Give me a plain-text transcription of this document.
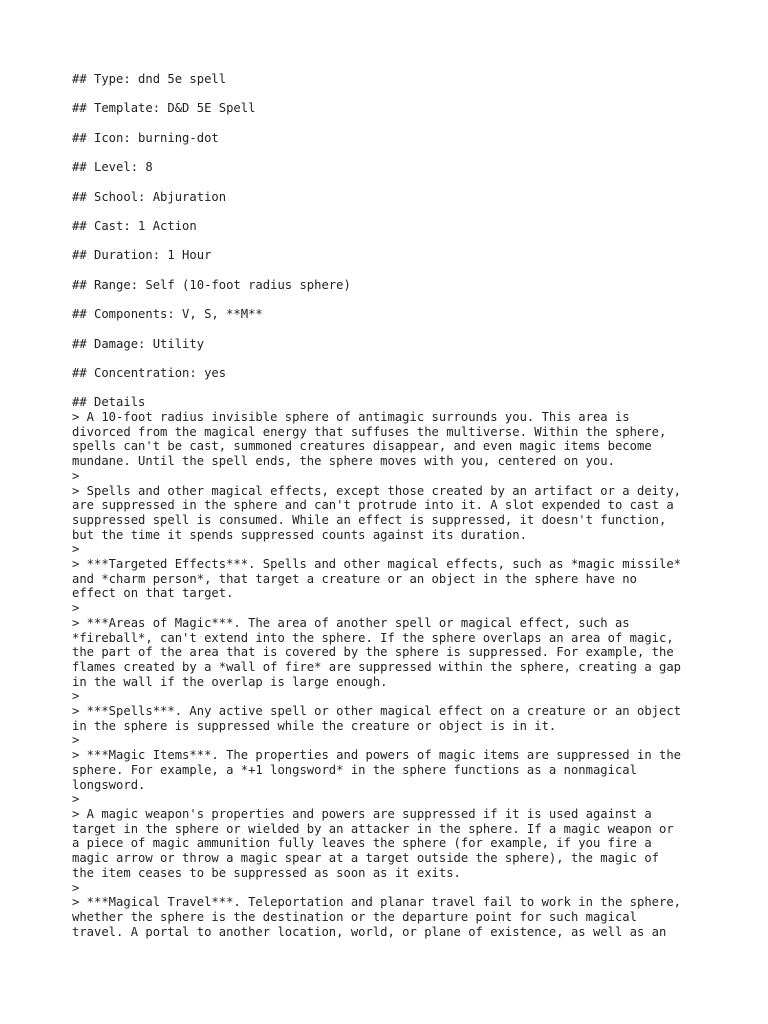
## Type: dnd 5e spell

## Template: D&D 5E Spell

## Icon: burning-dot

## Level: 8

## School: Abjuration

## Cast: 1 Action

## Duration: 1 Hour

## Range: Self (10-foot radius sphere)

## Components: V, S, **M**

## Damage: Utility

## Concentration: yes

## Details

> A 10-foot radius invisible sphere of antimagic surrounds you. This area is

divorced from the magical energy that suffuses the multiverse. Within the sphere,

spells can't be cast, summoned creatures disappear, and even magic items become

mundane. Until the spell ends, the sphere moves with you, centered on you.

>

> Spells and other magical effects, except those created by an artifact or a deity,

are suppressed in the sphere and can't protrude into it. A slot expended to cast a

suppressed spell is consumed. While an effect is suppressed, it doesn't function,

but the time it spends suppressed counts against its duration.

>

> ***Targeted Effects***. Spells and other magical effects, such as *magic missile*

and *charm person*, that target a creature or an object in the sphere have no

effect on that target.

>

> ***Areas of Magic***. The area of another spell or magical effect, such as

*fireball*, can't extend into the sphere. If the sphere overlaps an area of magic,

the part of the area that is covered by the sphere is suppressed. For example, the

flames created by a *wall of fire* are suppressed within the sphere, creating a gap

in the wall if the overlap is large enough.

>

> ***Spells***. Any active spell or other magical effect on a creature or an object

in the sphere is suppressed while the creature or object is in it.

>

> ***Magic Items***. The properties and powers of magic items are suppressed in the

sphere. For example, a *+1 longsword* in the sphere functions as a nonmagical

longsword.

>

> A magic weapon's properties and powers are suppressed if it is used against a

target in the sphere or wielded by an attacker in the sphere. If a magic weapon or

a piece of magic ammunition fully leaves the sphere (for example, if you fire a

magic arrow or throw a magic spear at a target outside the sphere), the magic of

the item ceases to be suppressed as soon as it exits.

>

> ***Magical Travel***. Teleportation and planar travel fail to work in the sphere,

whether the sphere is the destination or the departure point for such magical

travel. A portal to another location, world, or plane of existence, as well as an
